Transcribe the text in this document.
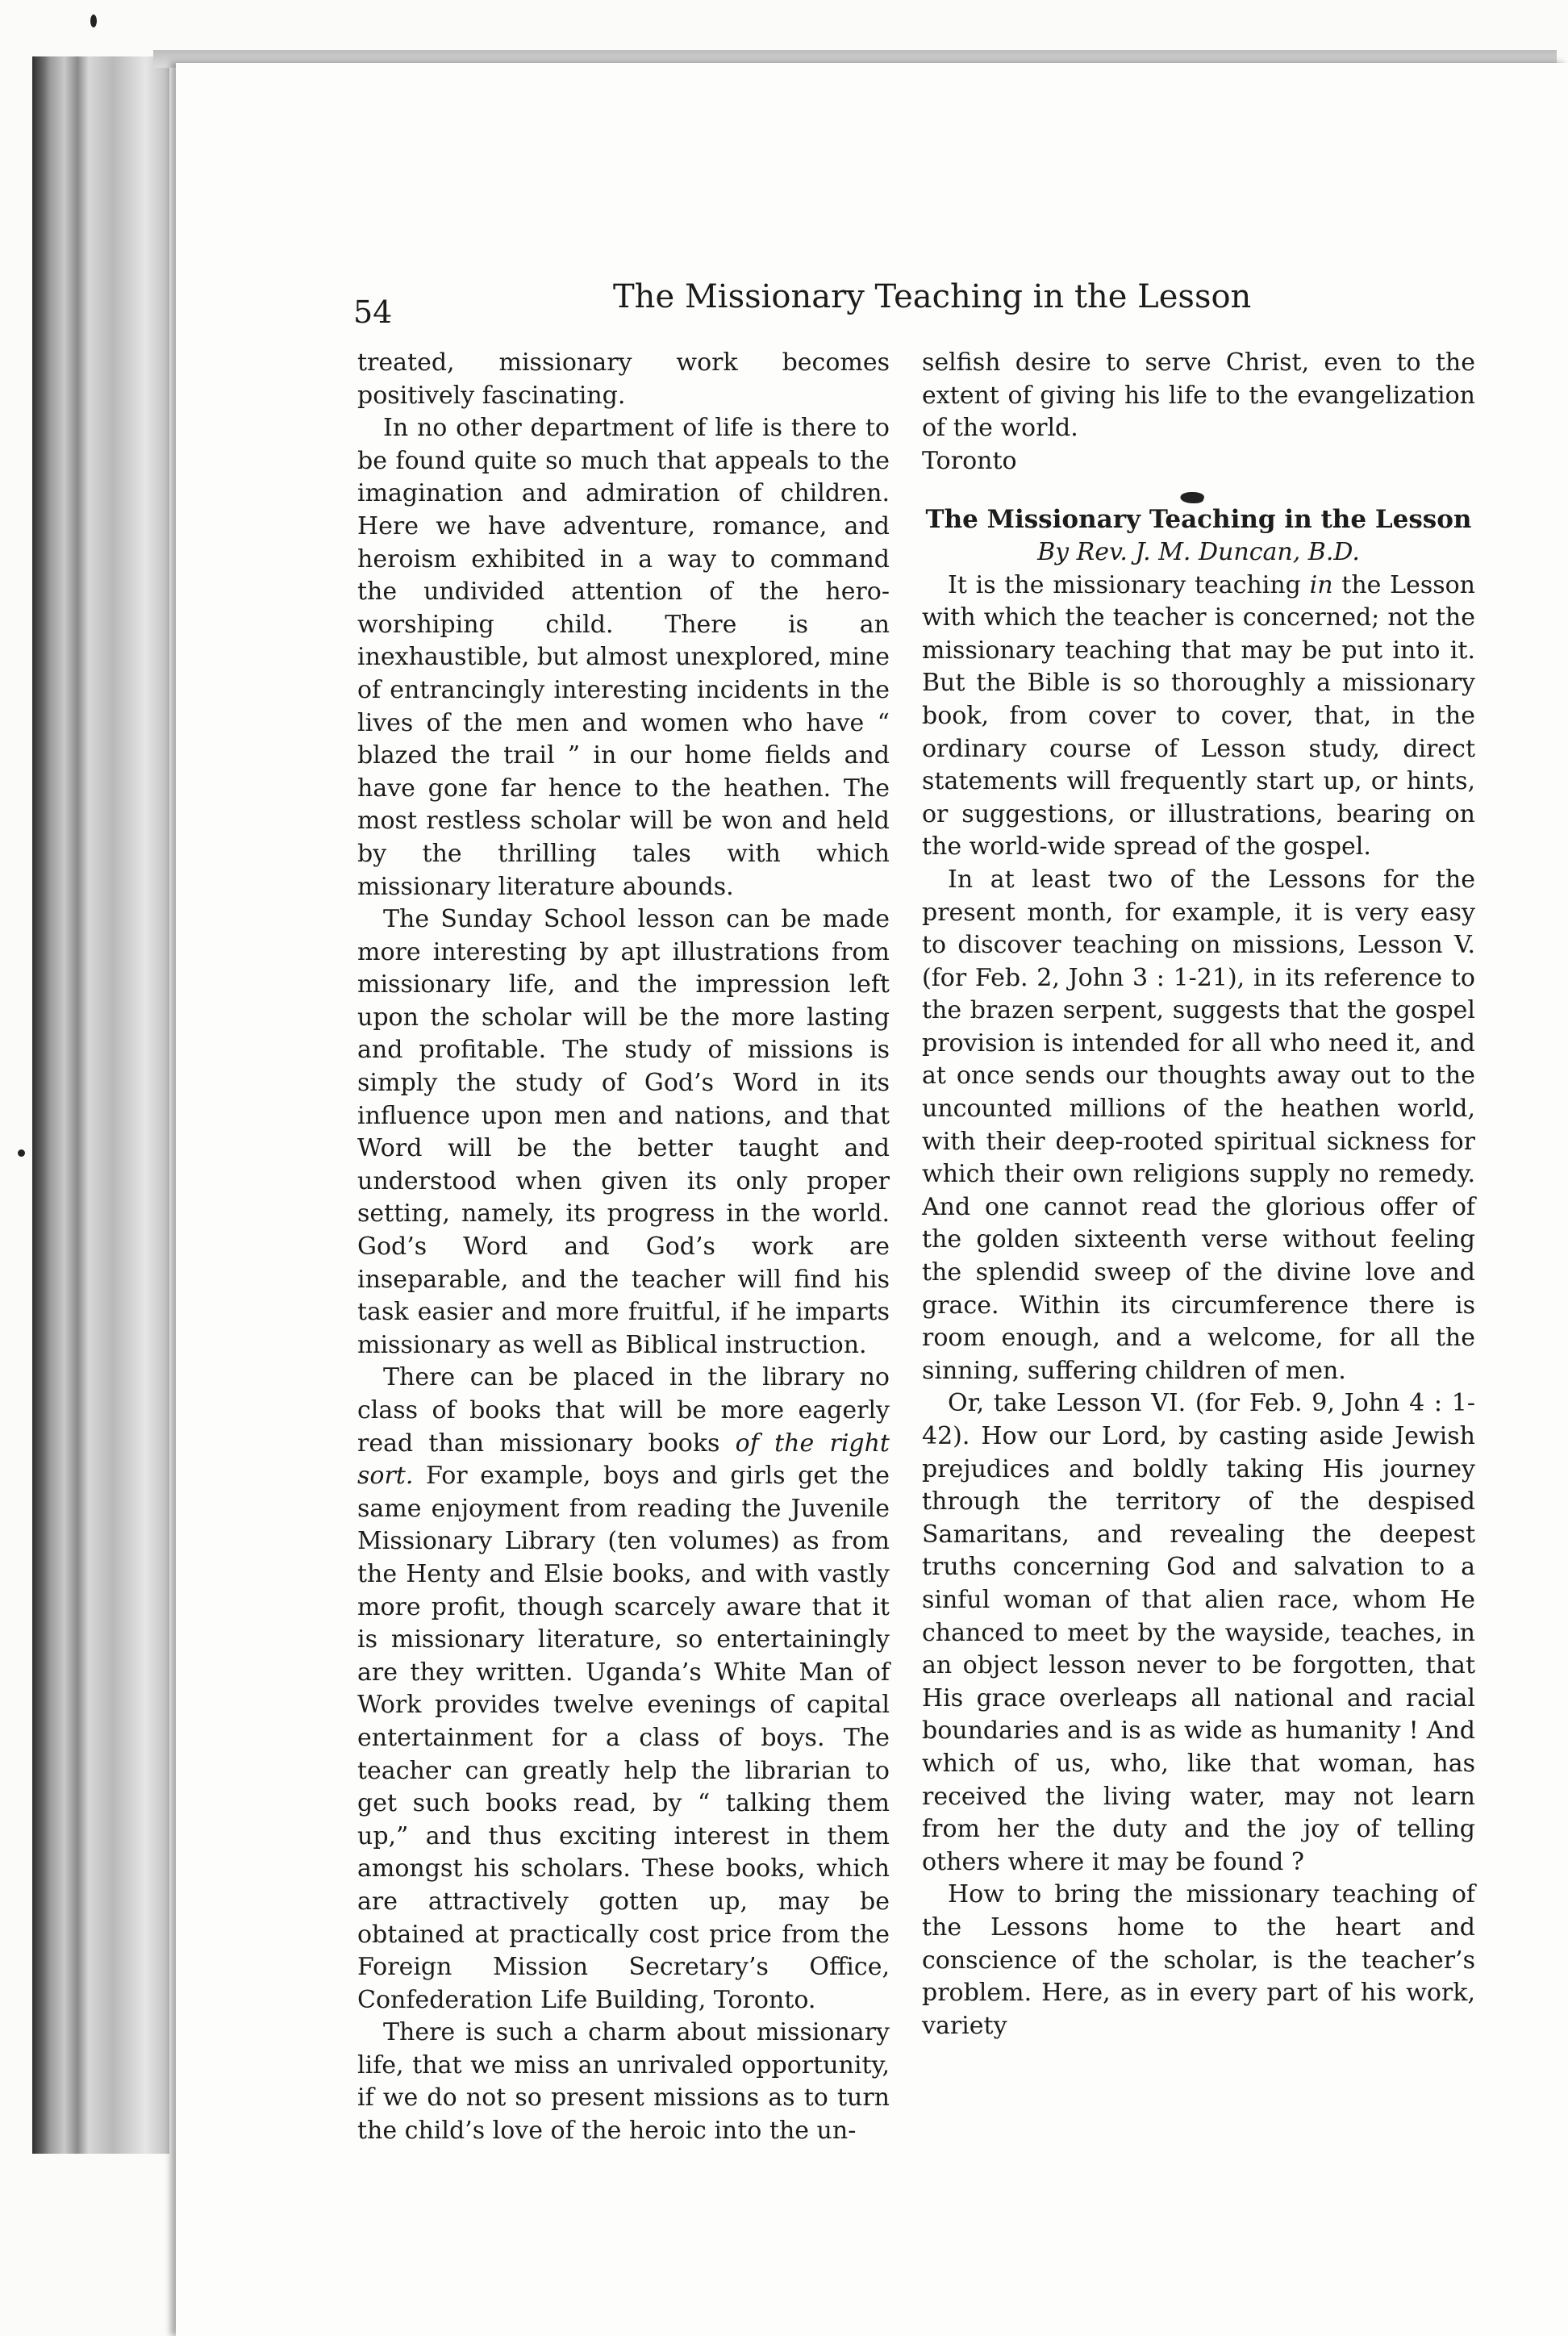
54	The Missionary Teaching in the Lesson

treated, missionary work becomes positively fascinating.

In no other department of life is there to be found quite so much that appeals to the imagination and admiration of children. Here we have adventure, romance, and heroism exhibited in a way to command the undivided attention of the hero-worshiping child. There is an inexhaustible, but almost unexplored, mine of entrancingly interesting incidents in the lives of the men and women who have “ blazed the trail ” in our home fields and have gone far hence to the heathen. The most restless scholar will be won and held by the thrilling tales with which missionary literature abounds.

The Sunday School lesson can be made more interesting by apt illustrations from missionary life, and the impression left upon the scholar will be the more lasting and profitable. The study of missions is simply the study of God’s Word in its influence upon men and nations, and that Word will be the better taught and understood when given its only proper setting, namely, its progress in the world. God’s Word and God’s work are inseparable, and the teacher will find his task easier and more fruitful, if he imparts missionary as well as Biblical instruction.

There can be placed in the library no class of books that will be more eagerly read than missionary books of the right sort. For example, boys and girls get the same enjoyment from reading the Juvenile Missionary Library (ten volumes) as from the Henty and Elsie books, and with vastly more profit, though scarcely aware that it is missionary literature, so entertainingly are they written. Uganda’s White Man of Work provides twelve evenings of capital entertainment for a class of boys. The teacher can greatly help the librarian to get such books read, by “ talking them up,” and thus exciting interest in them amongst his scholars. These books, which are attractively gotten up, may be obtained at practically cost price from the Foreign Mission Secretary’s Office, Confederation Life Building, Toronto.

There is such a charm about missionary life, that we miss an unrivaled opportunity, if we do not so present missions as to turn the child’s love of the heroic into the un-

selfish desire to serve Christ, even to the extent of giving his life to the evangelization of the world.

Toronto

The Missionary Teaching in the Lesson

By Rev. J. M. Duncan, B.D.

It is the missionary teaching in the Lesson with which the teacher is concerned; not the missionary teaching that may be put into it. But the Bible is so thoroughly a missionary book, from cover to cover, that, in the ordinary course of Lesson study, direct statements will frequently start up, or hints, or suggestions, or illustrations, bearing on the world-wide spread of the gospel.

In at least two of the Lessons for the present month, for example, it is very easy to discover teaching on missions, Lesson V. (for Feb. 2, John 3 : 1-21), in its reference to the brazen serpent, suggests that the gospel provision is intended for all who need it, and at once sends our thoughts away out to the uncounted millions of the heathen world, with their deep-rooted spiritual sickness for which their own religions supply no remedy. And one cannot read the glorious offer of the golden sixteenth verse without feeling the splendid sweep of the divine love and grace. Within its circumference there is room enough, and a welcome, for all the sinning, suffering children of men.

Or, take Lesson VI. (for Feb. 9, John 4 : 1-42). How our Lord, by casting aside Jewish prejudices and boldly taking His journey through the territory of the despised Samaritans, and revealing the deepest truths concerning God and salvation to a sinful woman of that alien race, whom He chanced to meet by the wayside, teaches, in an object lesson never to be forgotten, that His grace overleaps all national and racial boundaries and is as wide as humanity ! And which of us, who, like that woman, has received the living water, may not learn from her the duty and the joy of telling others where it may be found ?

How to bring the missionary teaching of the Lessons home to the heart and conscience of the scholar, is the teacher’s problem. Here, as in every part of his work, variety
